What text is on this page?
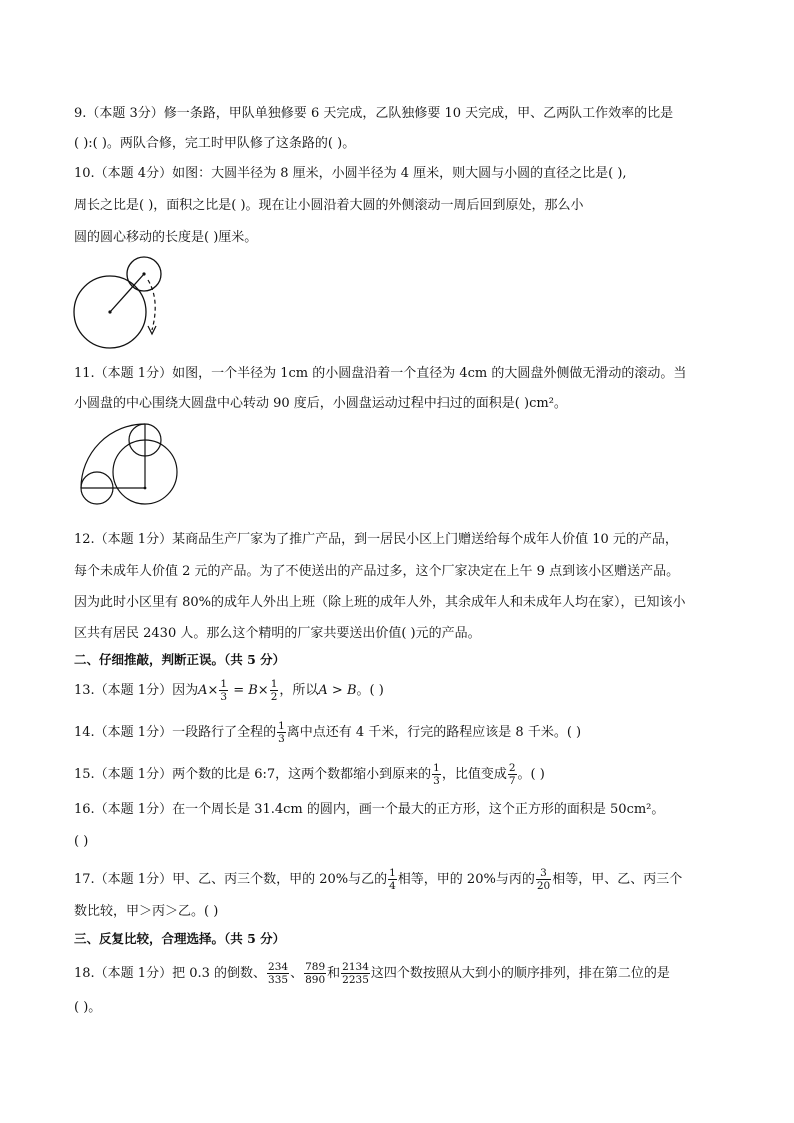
9.（本题 3分）修一条路，甲队单独修要 6 天完成，乙队独修要 10 天完成，甲、乙两队工作效率的比是
( ):( )。两队合修，完工时甲队修了这条路的( )。
10.（本题 4分）如图：大圆半径为 8 厘米，小圆半径为 4 厘米，则大圆与小圆的直径之比是( ),
周长之比是( )，面积之比是( )。现在让小圆沿着大圆的外侧滚动一周后回到原处，那么小
圆的圆心移动的长度是( )厘米。
11.（本题 1分）如图，一个半径为 1cm 的小圆盘沿着一个直径为 4cm 的大圆盘外侧做无滑动的滚动。当
小圆盘的中心围绕大圆盘中心转动 90 度后，小圆盘运动过程中扫过的面积是( )cm²。
12.（本题 1分）某商品生产厂家为了推广产品，到一居民小区上门赠送给每个成年人价值 10 元的产品，
每个未成年人价值 2 元的产品。为了不使送出的产品过多，这个厂家决定在上午 9 点到该小区赠送产品。
因为此时小区里有 80%的成年人外出上班（除上班的成年人外，其余成年人和未成年人均在家），已知该小
区共有居民 2430 人。那么这个精明的厂家共要送出价值( )元的产品。
二、仔细推敲，判断正误。（共 5 分）
13.（本题 1分）因为$A\times \frac{1}{3} = B\times \frac{1}{2}$ ，所以A > B。( )
14.（本题 1分）一段路行了全程的 $\frac{1}{3}$ 离中点还有 4 千米，行完的路程应该是 8 千米。( )
15.（本题 1分）两个数的比是 6:7，这两个数都缩小到原来的 $\frac{1}{3}$ ，比值变成 $\frac{2}{7}$ 。( )
16.（本题 1分）在一个周长是 31.4cm 的圆内，画一个最大的正方形，这个正方形的面积是 50cm²。
( )
17.（本题 1分）甲、乙、丙三个数，甲的 20%与乙的 $\frac{1}{4}$ 相等，甲的 20%与丙的 $\frac{3}{20}$ 相等，甲、乙、丙三个
数比较，甲＞丙＞乙。( )
三、反复比较，合理选择。（共 5 分）
18.（本题 1分）把 0.3 的倒数、 $\frac{234}{335}$ 、 $\frac{789}{890}$ 和 $\frac{2134}{2235}$ 这四个数按照从大到小的顺序排列，排在第二位的是
( )。
